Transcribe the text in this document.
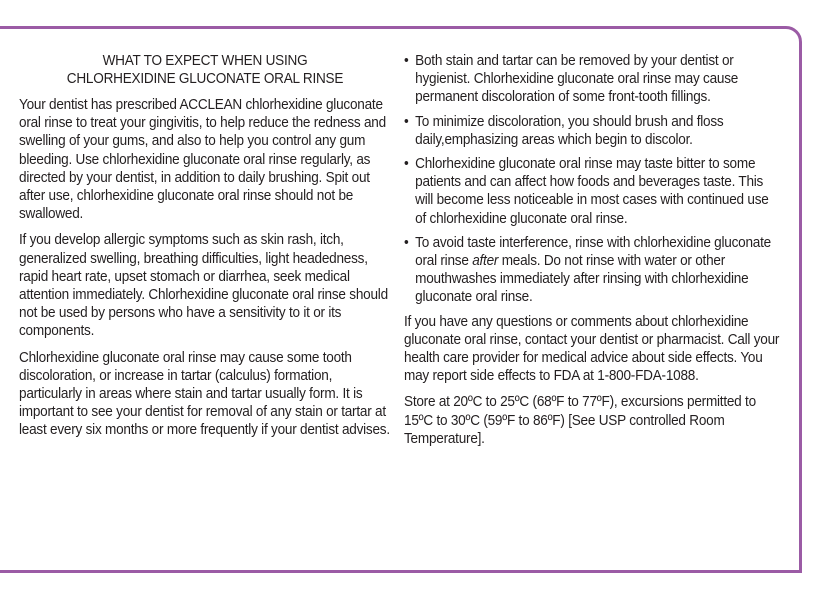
WHAT TO EXPECT WHEN USING
CHLORHEXIDINE GLUCONATE ORAL RINSE

Your dentist has prescribed ACCLEAN chlorhexidine gluconate oral rinse to treat your gingivitis, to help reduce the redness and swelling of your gums, and also to help you control any gum bleeding. Use chlorhexidine gluconate oral rinse regularly, as directed by your dentist, in addition to daily brushing. Spit out after use, chlorhexidine gluconate oral rinse should not be swallowed.

If you develop allergic symptoms such as skin rash, itch, generalized swelling, breathing difficulties, light headedness, rapid heart rate, upset stomach or diarrhea, seek medical attention immediately. Chlorhexidine gluconate oral rinse should not be used by persons who have a sensitivity to it or its components.

Chlorhexidine gluconate oral rinse may cause some tooth discoloration, or increase in tartar (calculus) formation, particularly in areas where stain and tartar usually form. It is important to see your dentist for removal of any stain or tartar at least every six months or more frequently if your dentist advises.

• Both stain and tartar can be removed by your dentist or hygienist. Chlorhexidine gluconate oral rinse may cause permanent discoloration of some front-tooth fillings.
• To minimize discoloration, you should brush and floss daily,emphasizing areas which begin to discolor.
• Chlorhexidine gluconate oral rinse may taste bitter to some patients and can affect how foods and beverages taste. This will become less noticeable in most cases with continued use of chlorhexidine gluconate oral rinse.
• To avoid taste interference, rinse with chlorhexidine gluconate oral rinse after meals. Do not rinse with water or other mouthwashes immediately after rinsing with chlorhexidine gluconate oral rinse.

If you have any questions or comments about chlorhexidine gluconate oral rinse, contact your dentist or pharmacist. Call your health care provider for medical advice about side effects. You may report side effects to FDA at 1-800-FDA-1088.

Store at 20ºC to 25ºC (68ºF to 77ºF), excursions permitted to 15ºC to 30ºC (59ºF to 86ºF) [See USP controlled Room Temperature].
